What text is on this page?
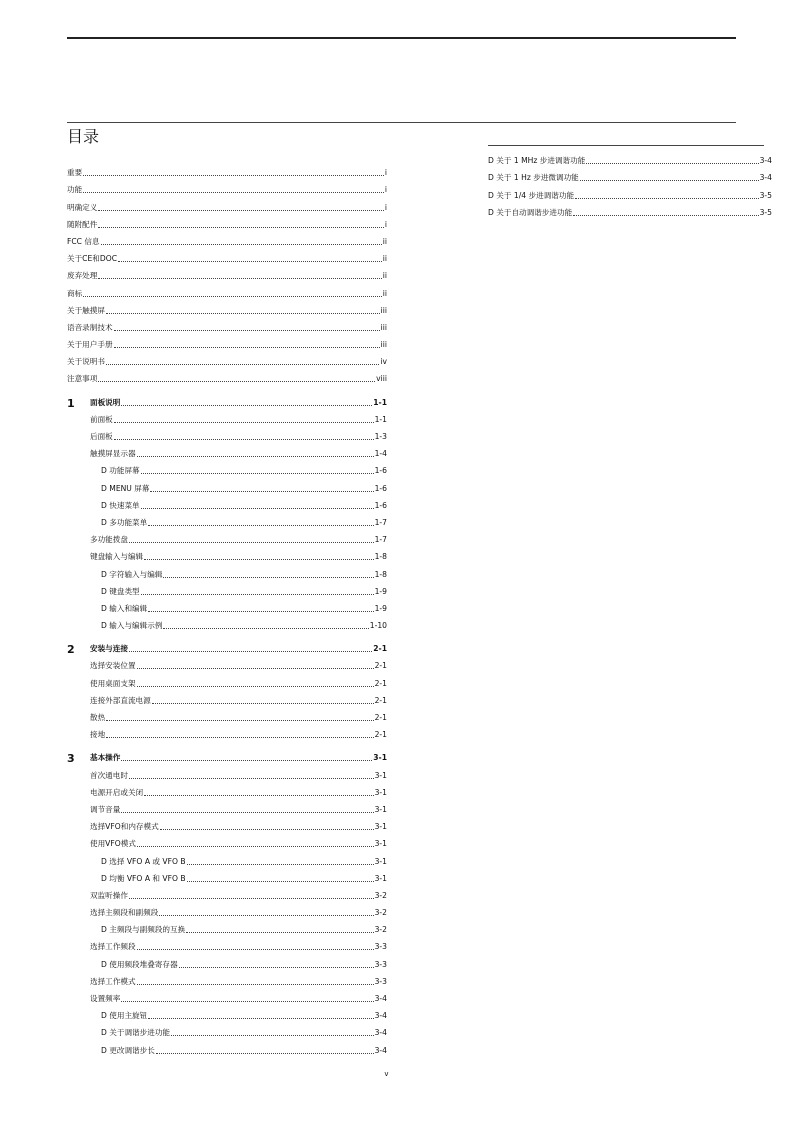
目录
重要	i
功能	i
明确定义	i
随附配件	i
FCC 信息	ii
关于CE和DOC	ii
废弃处理	ii
商标	ii
关于触摸屏	iii
语音录制技术	iii
关于用户手册	iii
关于说明书	iv
注意事项	viii
1	面板说明	1-1
前面板	1-1
后面板	1-3
触摸屏显示器	1-4
D 功能屏幕	1-6
D MENU 屏幕	1-6
D 快速菜单	1-6
D 多功能菜单	1-7
多功能拨盘	1-7
键盘输入与编辑	1-8
D 字符输入与编辑	1-8
D 键盘类型	1-9
D 输入和编辑	1-9
D 输入与编辑示例	1-10
2	安装与连接	2-1
选择安装位置	2-1
使用桌面支架	2-1
连接外部直流电源	2-1
散热	2-1
接地	2-1
3	基本操作	3-1
首次通电时	3-1
电源开启或关闭	3-1
调节音量	3-1
选择VFO和内存模式	3-1
使用VFO模式	3-1
D 选择 VFO A 或 VFO B	3-1
D 均衡 VFO A 和 VFO B	3-1
双监听操作	3-2
选择主频段和副频段	3-2
D 主频段与副频段的互换	3-2
选择工作频段	3-3
D 使用频段堆叠寄存器	3-3
选择工作模式	3-3
设置频率	3-4
D 使用主旋钮	3-4
D 关于调谐步进功能	3-4
D 更改调谐步长	3-4
D 关于 1 MHz 步进调谐功能	3-4
D 关于 1 Hz 步进微调功能	3-4
D 关于 1/4 步进调谐功能	3-5
D 关于自动调谐步进功能	3-5
v
